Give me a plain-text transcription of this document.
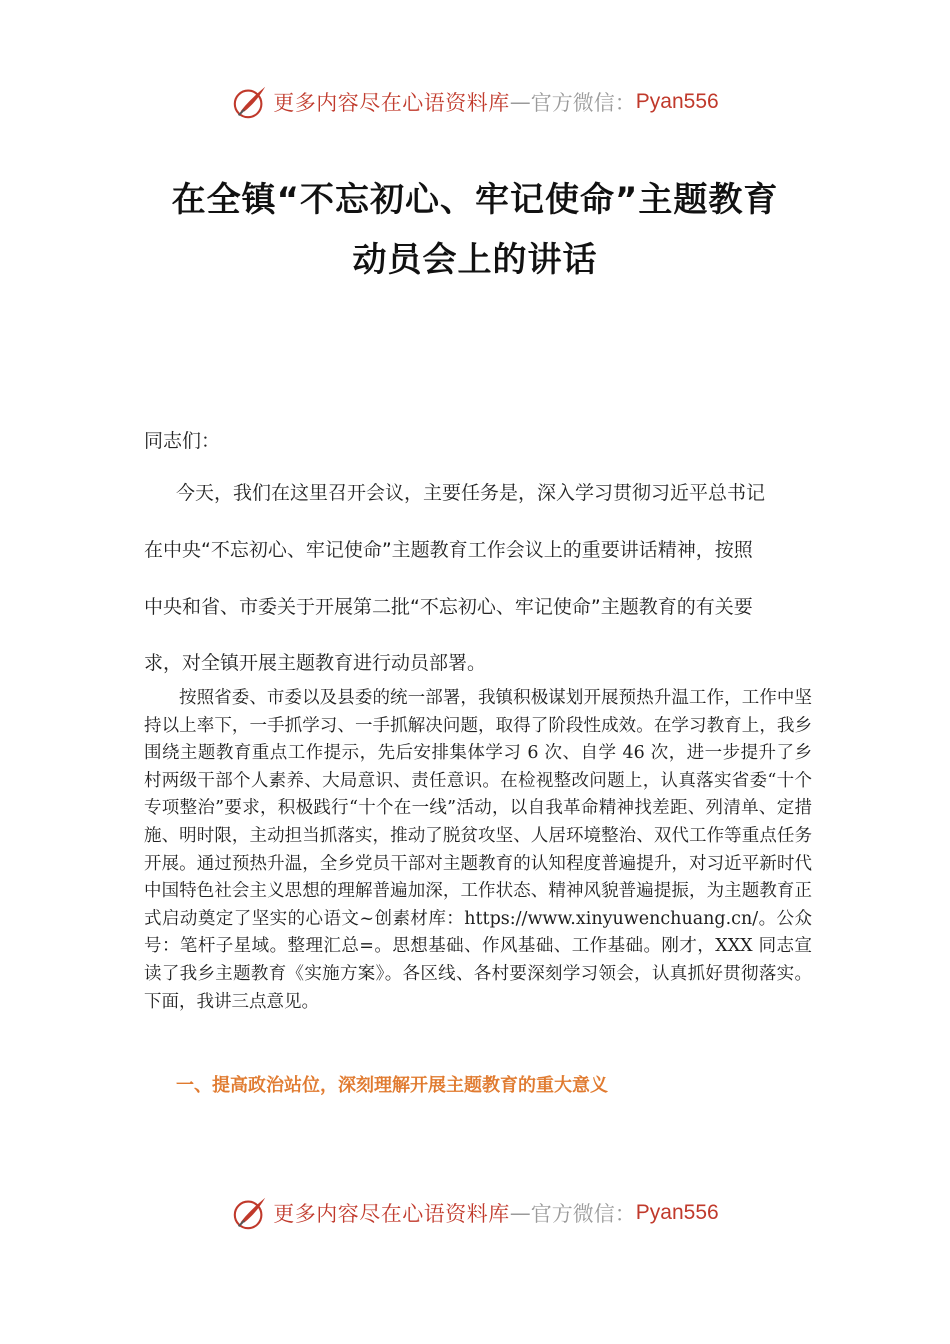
更多内容尽在心语资料库 — 官方微信： Pyan556
在全镇“不忘初心、牢记使命”主题教育
动员会上的讲话
同志们：
今天，我们在这里召开会议，主要任务是，深入学习贯彻习近平总书记
在中央“不忘初心、牢记使命”主题教育工作会议上的重要讲话精神，按照
中央和省、市委关于开展第二批“不忘初心、牢记使命”主题教育的有关要
求，对全镇开展主题教育进行动员部署。
按照省委、市委以及县委的统一部署，我镇积极谋划开展预热升温工作，工作中坚持以上率下，一手抓学习、一手抓解决问题，取得了阶段性成效。在学习教育上，我乡围绕主题教育重点工作提示，先后安排集体学习 6 次、自学 46 次，进一步提升了乡村两级干部个人素养、大局意识、责任意识。在检视整改问题上，认真落实省委“十个专项整治”要求，积极践行“十个在一线”活动，以自我革命精神找差距、列清单、定措施、明时限，主动担当抓落实，推动了脱贫攻坚、人居环境整治、双代工作等重点任务开展。通过预热升温，全乡党员干部对主题教育的认知程度普遍提升，对习近平新时代中国特色社会主义思想的理解普遍加深，工作状态、精神风貌普遍提振，为主题教育正式启动奠定了坚实的心语文~创素材库：https://www.xinyuwenchuang.cn/。公众号：笔杆子星域。整理汇总=。思想基础、作风基础、工作基础。刚才，XXX 同志宣读了我乡主题教育《实施方案》。各区线、各村要深刻学习领会，认真抓好贯彻落实。下面，我讲三点意见。
一、提高政治站位，深刻理解开展主题教育的重大意义
更多内容尽在心语资料库 — 官方微信： Pyan556
